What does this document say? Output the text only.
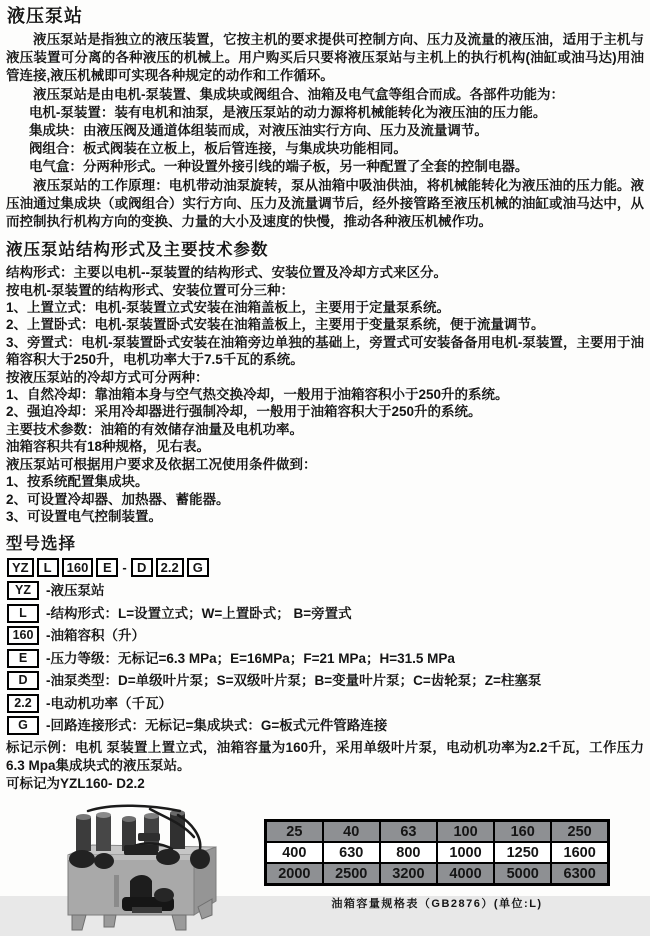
液压泵站

液压泵站是指独立的液压装置，它按主机的要求提供可控制方向、压力及流量的液压油，适用于主机与液压装置可分离的各种液压的机械上。用户购买后只要将液压泵站与主机上的执行机构(油缸或油马达)用油管连接,液压机械即可实现各种规定的动作和工作循环。

液压泵站是由电机-泵装置、集成块或阀组合、油箱及电气盒等组合而成。各部件功能为：

电机-泵装置：装有电机和油泵，是液压泵站的动力源将机械能转化为液压油的压力能。

集成块：由液压阀及通道体组装而成，对液压油实行方向、压力及流量调节。

阀组合：板式阀装在立板上，板后管连接，与集成块功能相同。

电气盒：分两种形式。一种设置外接引线的端子板，另一种配置了全套的控制电器。

液压泵站的工作原理：电机带动油泵旋转，泵从油箱中吸油供油，将机械能转化为液压油的压力能。液压油通过集成块（或阀组合）实行方向、压力及流量调节后，经外接管路至液压机械的油缸或油马达中，从而控制执行机构方向的变换、力量的大小及速度的快慢，推动各种液压机械作功。

液压泵站结构形式及主要技术参数

结构形式：主要以电机--泵装置的结构形式、安装位置及冷却方式来区分。

按电机-泵装置的结构形式、安装位置可分三种：

1、上置立式：电机-泵装置立式安装在油箱盖板上，主要用于定量泵系统。

2、上置卧式：电机-泵装置卧式安装在油箱盖板上，主要用于变量泵系统，便于流量调节。

3、旁置式：电机-泵装置卧式安装在油箱旁边单独的基础上，旁置式可安装备备用电机-泵装置，主要用于油箱容积大于250升，电机功率大于7.5千瓦的系统。

按液压泵站的冷却方式可分两种：

1、自然冷却：靠油箱本身与空气热交换冷却，一般用于油箱容积小于250升的系统。

2、强迫冷却：采用冷却器进行强制冷却，一般用于油箱容积大于250升的系统。

主要技术参数：油箱的有效储存油量及电机功率。

油箱容积共有18种规格，见右表。

液压泵站可根据用户要求及依据工况使用条件做到：

1、按系统配置集成块。

2、可设置冷却器、加热器、蓄能器。

3、可设置电气控制装置。

型号选择
YZ	L	160	E - D	2.2	G
YZ	-液压泵站
L	-结构形式：L=设置立式；W=上置卧式； B=旁置式
160 -油箱容积（升）
E	-压力等级：无标记=6.3 MPa；E=16MPa；F=21 MPa；H=31.5 MPa
D	-油泵类型：D=单级叶片泵；S=双级叶片泵；B=变量叶片泵；C=齿轮泵；Z=柱塞泵
2.2	-电动机功率（千瓦）
G	-回路连接形式：无标记=集成块式：G=板式元件管路连接

标记示例：电机 泵装置上置立式，油箱容量为160升，采用单级叶片泵，电动机功率为2.2千瓦，工作压力6.3 Mpa集成块式的液压泵站。

可标记为YZL160- D2.2

25	40	63	100	160	250
400	630	800	1000	1250	1600
2000	2500	3200	4000	5000	6300
油箱容量规格表（GB2876）(单位:L)
